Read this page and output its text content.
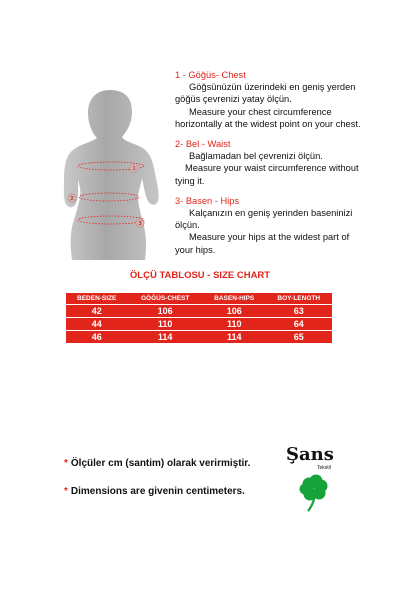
1
2
3
1 - Göğüs- Chest
Göğsünüzün üzerindeki en geniş yerden
göğüs çevrenizi yatay ölçün.
Measure your chest circumference
horizontally at the widest point on your chest.
2- Bel - Waist
Bağlamadan bel çevrenizi ölçün.
Measure your waist circumference without
tying it.
3- Basen - Hips
Kalçanızın en geniş yerinden baseninizi
ölçün.
Measure your hips at the widest part of
your hips.
ÖLÇÜ TABLOSU - SIZE CHART
BEDEN-SIZE	GÖĞÜS-CHEST	BASEN-HIPS	BOY-LENGTH
42	106	106	63
44	110	110	64
46	114	114	65
* Ölçüler cm (santim) olarak verirmiştir.
* Dimensions are givenin centimeters.
Şans
Tekstil
